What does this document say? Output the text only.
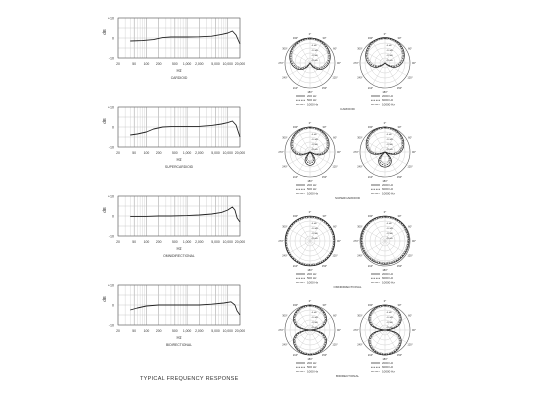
+10
0
-10
dB
20	50 100 200	500 1,000 2,000 5,000 10,000 20,000
Hz
CARDIOID
+10
0
-10
dB
20	50 100 200	500 1,000 2,000 5,000 10,000 20,000
Hz
SUPERCARDIOID
+10
0
-10
dB
20	50 100 200	500 1,000 2,000 5,000 10,000 20,000
Hz
OMNIDIRECTIONAL
+10
0
-10
dB
20	50 100 200	500 1,000 2,000 5,000 10,000 20,000
Hz
BIDIRECTIONAL
0°
30°
60°
90°
120°
150°
180°
210°
240°
270°
300°
330°
-5 dB
-10 dB
-15 dB
-20 dB
200 Hz
500 Hz
1000 Hz
0°
30°
60°
90°
120°
150°
180°
210°
240°
270°
300°
330°
-5 dB
-10 dB
-15 dB
-20 dB
2000 Hz
6000 Hz
10000 Hz
CARDIOID
0°
30°
60°
90°
120°
150°
180°
210°
240°
270°
300°
330°
-5 dB
-10 dB
-15 dB
-20 dB
200 Hz
500 Hz
1000 Hz
0°
30°
60°
90°
120°
150°
180°
210°
240°
270°
300°
330°
-5 dB
-10 dB
-15 dB
-20 dB
2000 Hz
6000 Hz
10000 Hz
SUPERCARDIOID
0°
30°
60°
90°
120°
150°
180°
210°
240°
270°
300°
330°
-5 dB
-10 dB
-15 dB
-20 dB
200 Hz
500 Hz
1000 Hz
0°
30°
60°
90°
120°
150°
180°
210°
240°
270°
300°
330°
-5 dB
-10 dB
-15 dB
-20 dB
2000 Hz
6000 Hz
10000 Hz
OMNIDIRECTIONAL
0°
30°
60°
90°
120°
150°
180°
210°
240°
270°
300°
330°
-5 dB
-10 dB
-15 dB
-20 dB
200 Hz
500 Hz
1000 Hz
0°
30°
60°
90°
120°
150°
180°
210°
240°
270°
300°
330°
-5 dB
-10 dB
-15 dB
-20 dB
2000 Hz
6000 Hz
10000 Hz
BIDIRECTIONAL
TYPICAL FREQUENCY RESPONSE
